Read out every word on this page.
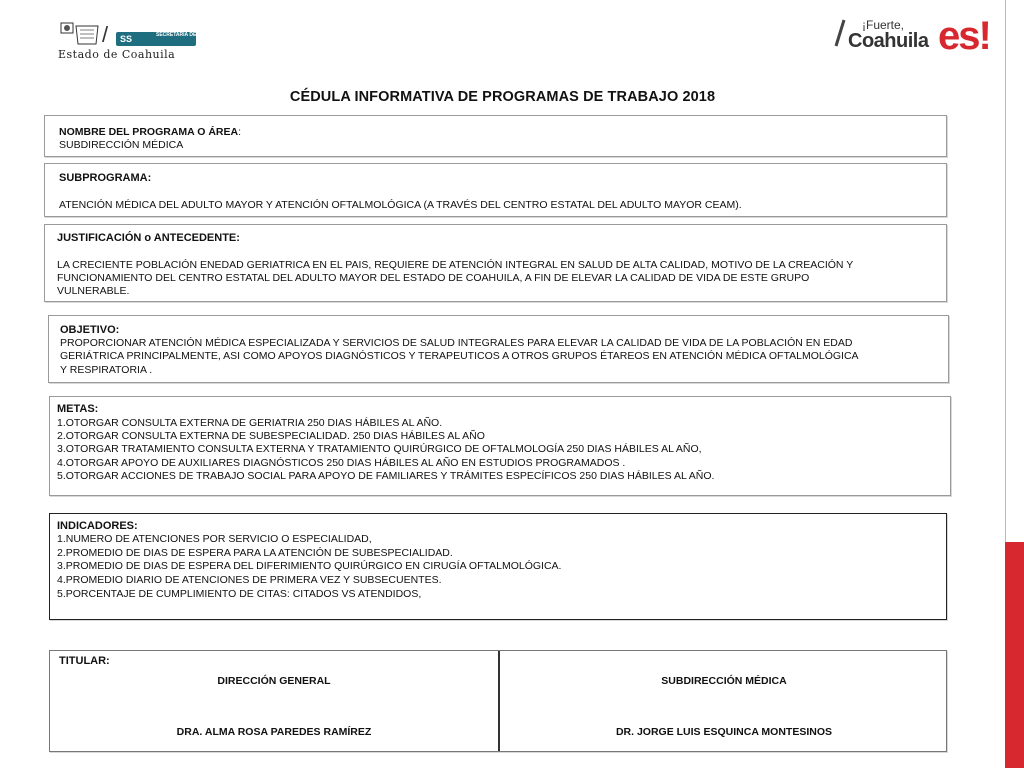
/	SS	SECRETARÍA DE SALUD
Estado de Coahuila
¡Fuerte,
Coahuila es!
CÉDULA INFORMATIVA DE PROGRAMAS DE TRABAJO 2018
NOMBRE DEL PROGRAMA O ÁREA:
SUBDIRECCIÓN MÉDICA
SUBPROGRAMA:
ATENCIÓN MÉDICA DEL ADULTO MAYOR Y ATENCIÓN OFTALMOLÓGICA (A TRAVÉS DEL CENTRO ESTATAL DEL ADULTO MAYOR CEAM).
JUSTIFICACIÓN o ANTECEDENTE:
LA CRECIENTE POBLACIÓN ENEDAD GERIATRICA EN EL PAIS, REQUIERE DE ATENCIÓN INTEGRAL EN SALUD DE ALTA CALIDAD, MOTIVO DE LA CREACIÓN Y
FUNCIONAMIENTO DEL CENTRO ESTATAL DEL ADULTO MAYOR DEL ESTADO DE COAHUILA, A FIN DE ELEVAR LA CALIDAD DE VIDA DE ESTE GRUPO
VULNERABLE.
OBJETIVO:
PROPORCIONAR ATENCIÓN MÉDICA ESPECIALIZADA Y SERVICIOS DE SALUD INTEGRALES PARA ELEVAR LA CALIDAD DE VIDA DE LA POBLACIÓN EN EDAD
GERIÁTRICA PRINCIPALMENTE, ASI COMO APOYOS DIAGNÓSTICOS Y TERAPEUTICOS A OTROS GRUPOS ÉTAREOS EN ATENCIÓN MÉDICA OFTALMOLÓGICA
Y RESPIRATORIA .
METAS:
1.OTORGAR CONSULTA EXTERNA DE GERIATRIA 250 DIAS HÁBILES AL AÑO.
2.OTORGAR CONSULTA EXTERNA DE SUBESPECIALIDAD. 250 DIAS HÁBILES AL AÑO
3.OTORGAR TRATAMIENTO CONSULTA EXTERNA Y TRATAMIENTO QUIRÚRGICO DE OFTALMOLOGÍA 250 DIAS HÁBILES AL AÑO,
4.OTORGAR APOYO DE AUXILIARES DIAGNÓSTICOS 250 DIAS HÁBILES AL AÑO EN ESTUDIOS PROGRAMADOS .
5.OTORGAR ACCIONES DE TRABAJO SOCIAL PARA APOYO DE FAMILIARES Y TRÁMITES ESPECÍFICOS 250 DIAS HÁBILES AL AÑO.
INDICADORES:
1.NUMERO DE ATENCIONES POR SERVICIO O ESPECIALIDAD,
2.PROMEDIO DE DIAS DE ESPERA PARA LA ATENCIÓN DE SUBESPECIALIDAD.
3.PROMEDIO DE DIAS DE ESPERA DEL DIFERIMIENTO QUIRÚRGICO EN CIRUGÍA OFTALMOLÓGICA.
4.PROMEDIO DIARIO DE ATENCIONES DE PRIMERA VEZ Y SUBSECUENTES.
5.PORCENTAJE DE CUMPLIMIENTO DE CITAS: CITADOS VS ATENDIDOS,
TITULAR:
DIRECCIÓN GENERAL
DRA. ALMA ROSA PAREDES RAMÍREZ
SUBDIRECCIÓN MÉDICA
DR. JORGE LUIS ESQUINCA MONTESINOS
